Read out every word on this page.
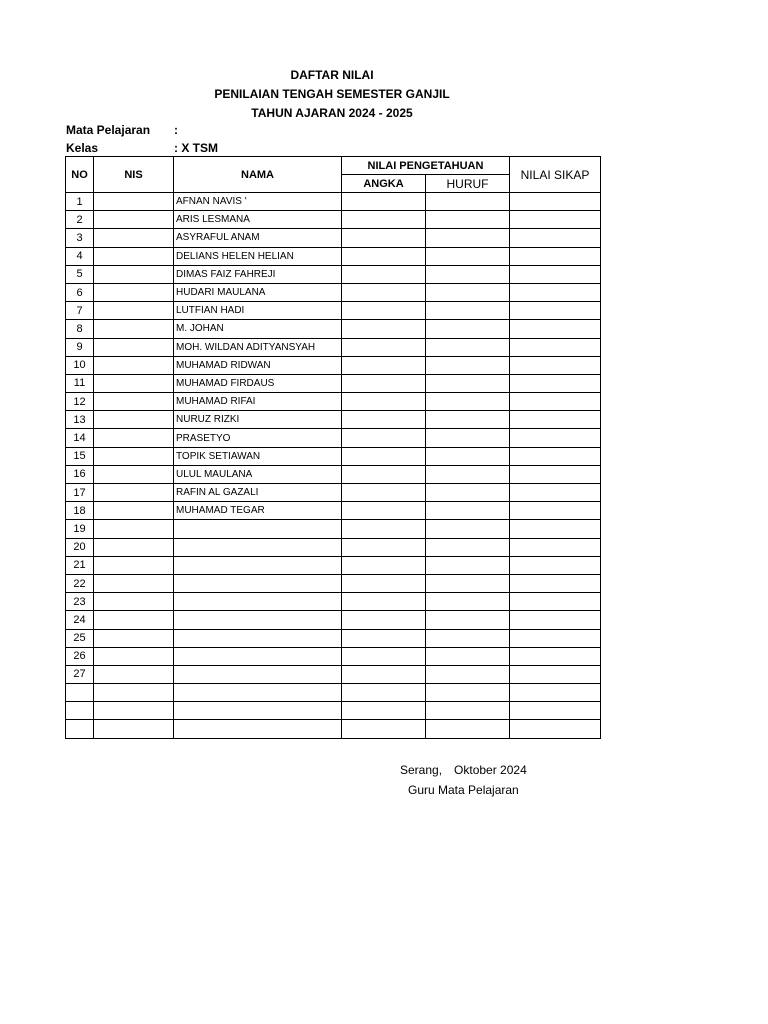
DAFTAR NILAI
PENILAIAN TENGAH SEMESTER GANJIL
TAHUN AJARAN 2024 - 2025
Mata Pelajaran :
Kelas	: X TSM
NO	NIS	NAMA	NILAI PENGETAHUAN		NILAI SIKAP
			ANGKA	HURUF	
1		AFNAN NAVIS '			
2		ARIS LESMANA			
3		ASYRAFUL ANAM			
4		DELIANS HELEN HELIAN			
5		DIMAS FAIZ FAHREJI			
6		HUDARI MAULANA			
7		LUTFIAN HADI			
8		M. JOHAN			
9		MOH. WILDAN ADITYANSYAH			
10		MUHAMAD RIDWAN			
11		MUHAMAD FIRDAUS			
12		MUHAMAD RIFAI			
13		NURUZ RIZKI			
14		PRASETYO			
15		TOPIK SETIAWAN			
16		ULUL MAULANA			
17		RAFIN AL GAZALI			
18		MUHAMAD TEGAR			
19					
20					
21					
22					
23					
24					
25					
26					
27					

Serang, Oktober 2024
Guru Mata Pelajaran
